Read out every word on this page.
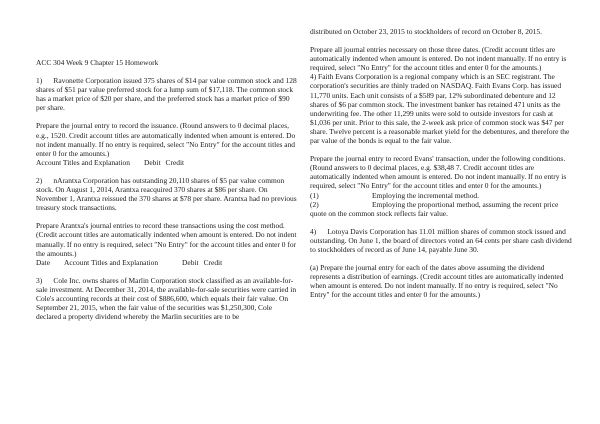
ACC 304 Week 9 Chapter 15 Homework

1)      Ravonette Corporation issued 375 shares of $14 par value common stock and 128 shares of $51 par value preferred stock for a lump sum of $17,118. The common stock has a market price of $20 per share, and the preferred stock has a market price of $90 per share.

Prepare the journal entry to record the issuance. (Round answers to 0 decimal places, e.g., 1520. Credit account titles are automatically indented when amount is entered. Do not indent manually. If no entry is required, select "No Entry" for the account titles and enter 0 for the amounts.)

Account Titles and Explanation Debit Credit

2)      nArantxa Corporation has outstanding 20,110 shares of $5 par value common stock. On August 1, 2014, Arantxa reacquired 370 shares at $86 per share. On November 1, Arantxa reissued the 370 shares at $78 per share. Arantxa had no previous treasury stock transactions.

Prepare Arantxa's journal entries to record these transactions using the cost method. (Credit account titles are automatically indented when amount is entered. Do not indent manually. If no entry is required, select "No Entry" for the account titles and enter 0 for the amounts.)

Date Account Titles and Explanation	Debit Credit

3)      Cole Inc. owns shares of Marlin Corporation stock classified as an available-for-sale investment. At December 31, 2014, the available-for-sale securities were carried in Cole's accounting records at their cost of $886,600, which equals their fair value. On September 21, 2015, when the fair value of the securities was $1,250,300, Cole declared a property dividend whereby the Marlin securities are to be

distributed on October 23, 2015 to stockholders of record on October 8, 2015.

Prepare all journal entries necessary on those three dates. (Credit account titles are automatically indented when amount is entered. Do not indent manually. If no entry is required, select "No Entry" for the account titles and enter 0 for the amounts.)

4) Faith Evans Corporation is a regional company which is an SEC registrant. The corporation's securities are thinly traded on NASDAQ. Faith Evans Corp. has issued 11,770 units. Each unit consists of a $589 par, 12% subordinated debenture and 12 shares of $6 par common stock. The investment banker has retained 471 units as the underwriting fee. The other 11,299 units were sold to outside investors for cash at $1,036 per unit. Prior to this sale, the 2-week ask price of common stock was $47 per share. Twelve percent is a reasonable market yield for the debentures, and therefore the par value of the bonds is equal to the fair value.

Prepare the journal entry to record Evans' transaction, under the following conditions. (Round answers to 0 decimal places, e.g. $38,48 7. Credit account titles are automatically indented when amount is entered. Do not indent manually. If no entry is required, select "No Entry" for the account titles and enter 0 for the amounts.)

(1)	Employing the incremental method.

(2)	Employing the proportional method, assuming the recent price quote on the common stock reflects fair value.

4)      Lotoya Davis Corporation has 11.01 million shares of common stock issued and outstanding. On June 1, the board of directors voted an 64 cents per share cash dividend to stockholders of record as of June 14, payable June 30.

(a) Prepare the journal entry for each of the dates above assuming the dividend represents a distribution of earnings. (Credit account titles are automatically indented when amount is entered. Do not indent manually. If no entry is required, select "No Entry" for the account titles and enter 0 for the amounts.)
